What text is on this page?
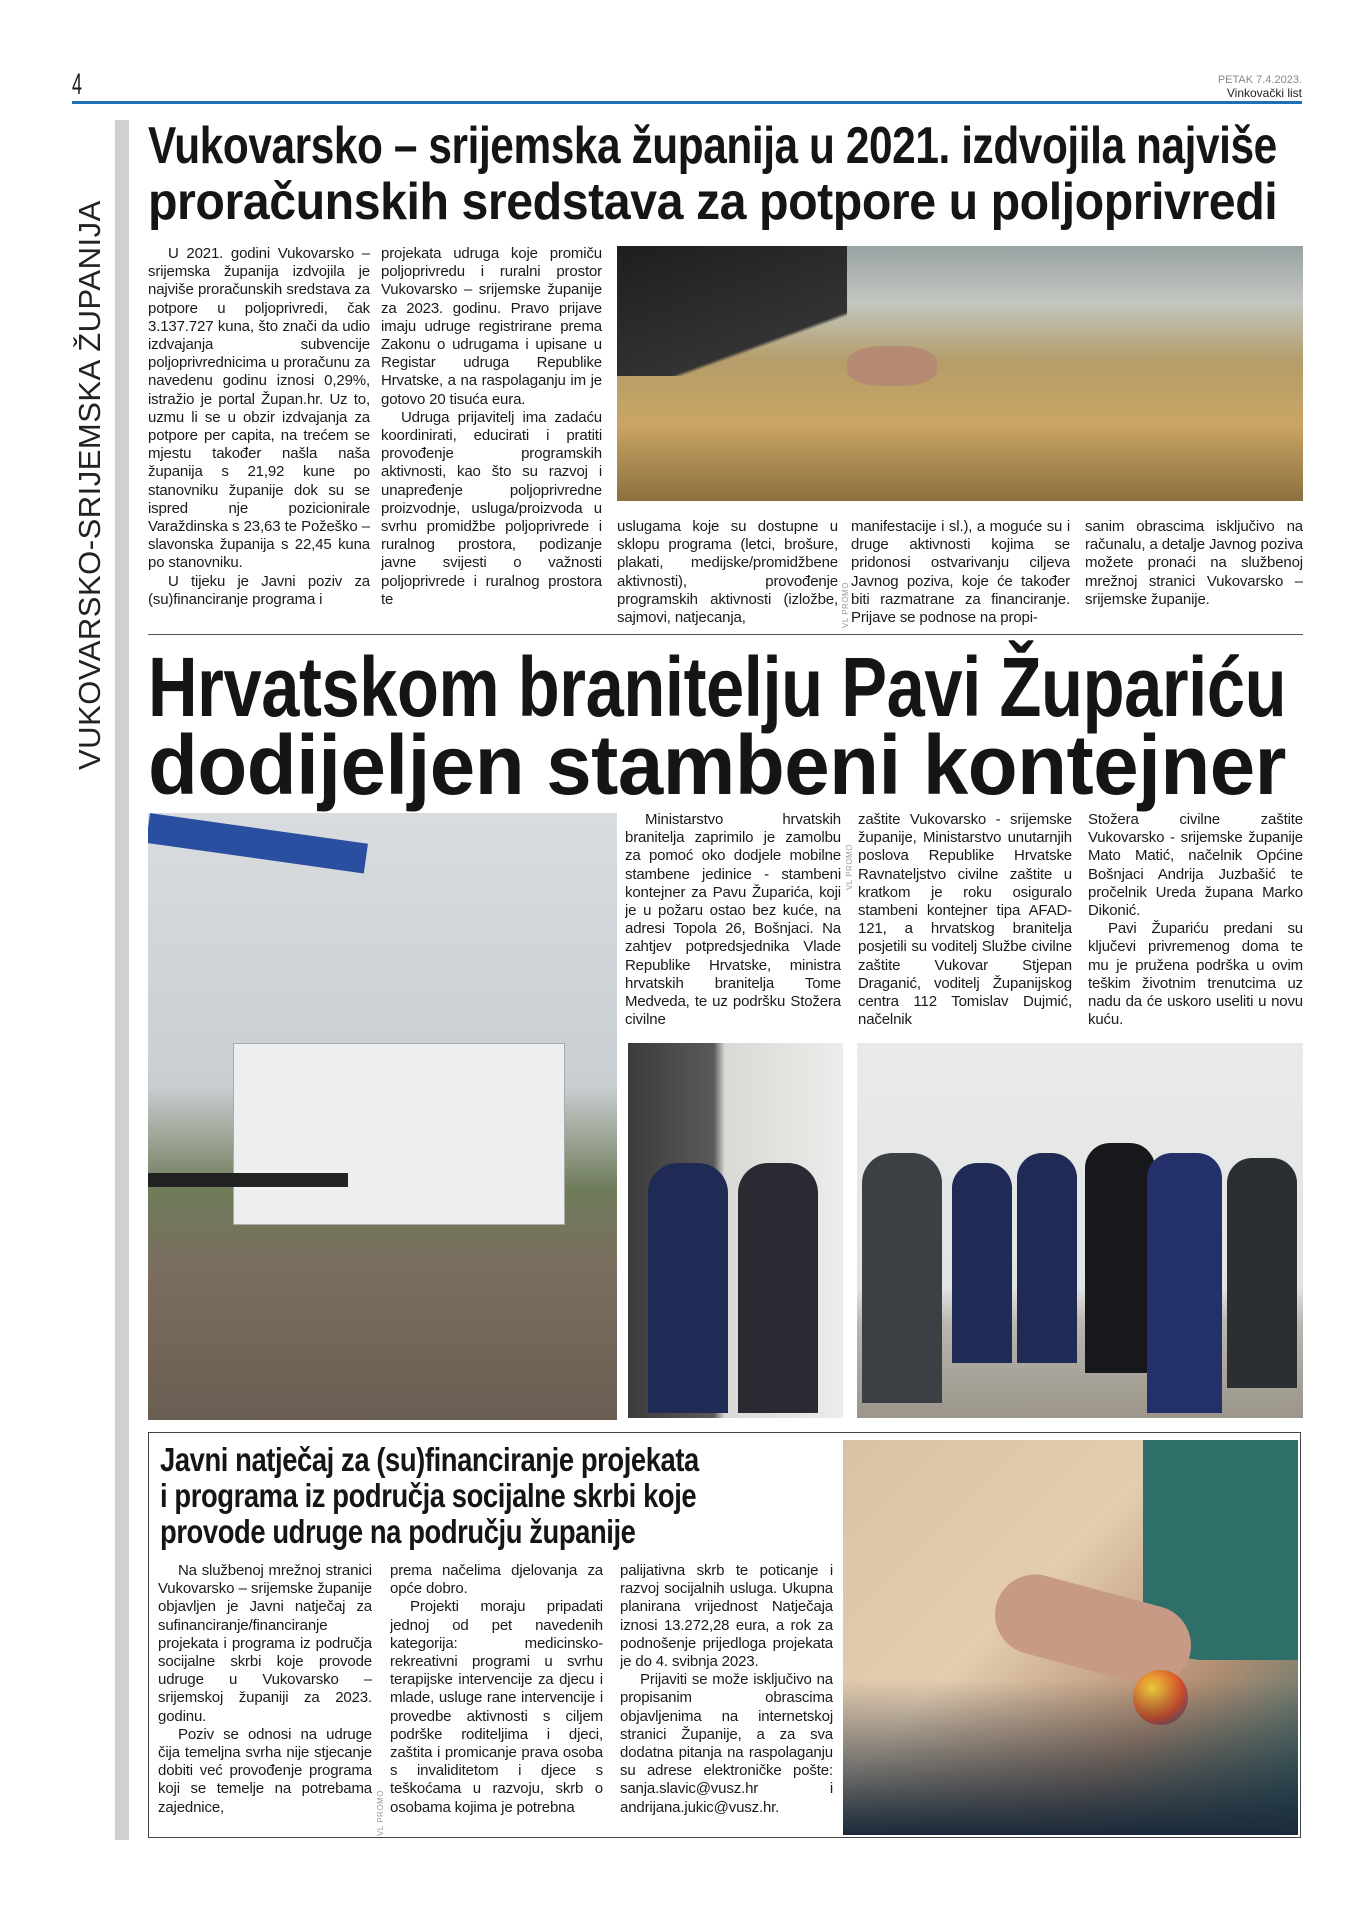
4	PETAK 7.4.2023.
Vinkovački list
VUKOVARSKO-SRIJEMSKA ŽUPANIJA
Vukovarsko – srijemska županija u 2021. izdvojila najviše
proračunskih sredstava za potpore u poljoprivredi

U 2021. godini Vukovarsko – srijemska županija izdvojila je najviše proračunskih sredstava za potpore u poljoprivredi, čak 3.137.727 kuna, što znači da udio izdvajanja subvencije poljoprivrednicima u proračunu za navedenu godinu iznosi 0,29%, istražio je portal Župan.hr. Uz to, uzmu li se u obzir izdvajanja za potpore per capita, na trećem se mjestu također našla naša županija s 21,92 kune po stanovniku županije dok su se ispred nje pozicionirale Varaždinska s 23,63 te Požeško – slavonska županija s 22,45 kuna po stanovniku.

U tijeku je Javni poziv za (su)financiranje programa i

projekata udruga koje promiču poljoprivredu i ruralni prostor Vukovarsko – srijemske županije za 2023. godinu. Pravo prijave imaju udruge registrirane prema Zakonu o udrugama i upisane u Registar udruga Republike Hrvatske, a na raspolaganju im je gotovo 20 tisuća eura.

Udruga prijavitelj ima zadaću koordinirati, educirati i pratiti provođenje programskih aktivnosti, kao što su razvoj i unapređenje poljoprivredne proizvodnje, usluga/proizvoda u svrhu promidžbe poljoprivrede i ruralnog prostora, podizanje javne svijesti o važnosti poljoprivrede i ruralnog prostora te

uslugama koje su dostupne u sklopu programa (letci, brošure, plakati, medijske/promidžbene aktivnosti), provođenje programskih aktivnosti (izložbe, sajmovi, natjecanja,	VL PROMO

manifestacije i sl.), a moguće su i druge aktivnosti kojima se pridonosi ostvarivanju ciljeva Javnog poziva, koje će također biti razmatrane za financiranje. Prijave se podnose na propi-

sanim obrascima isključivo na računalu, a detalje Javnog poziva možete pronaći na službenoj mrežnoj stranici Vukovarsko – srijemske županije.

Hrvatskom branitelju Pavi Župariću
dodijeljen stambeni kontejner

Ministarstvo hrvatskih branitelja zaprimilo je zamolbu za pomoć oko dodjele mobilne stambene jedinice - stambeni kontejner za Pavu Župarića, koji je u požaru ostao bez kuće, na adresi Topola 26, Bošnjaci. Na zahtjev potpredsjednika Vlade Republike Hrvatske, ministra hrvatskih branitelja Tome Medveda, te uz podršku Stožera civilne

VL PROMO

zaštite Vukovarsko - srijemske županije, Ministarstvo unutarnjih poslova Republike Hrvatske Ravnateljstvo civilne zaštite u kratkom je roku osiguralo stambeni kontejner tipa AFAD-121, a hrvatskog branitelja posjetili su voditelj Službe civilne zaštite Vukovar Stjepan Draganić, voditelj Županijskog centra 112 Tomislav Dujmić, načelnik

Stožera civilne zaštite Vukovarsko - srijemske županije Mato Matić, načelnik Općine Bošnjaci Andrija Juzbašić te pročelnik Ureda župana Marko Dikonić.

Pavi Župariću predani su ključevi privremenog doma te mu je pružena podrška u ovim teškim životnim trenutcima uz nadu da će uskoro useliti u novu kuću.

Javni natječaj za (su)financiranje projekata
i programa iz područja socijalne skrbi koje
provode udruge na području županije

Na službenoj mrežnoj stranici Vukovarsko – srijemske županije objavljen je Javni natječaj za sufinanciranje/financiranje projekata i programa iz područja socijalne skrbi koje provode udruge u Vukovarsko – srijemskoj županiji za 2023. godinu.

Poziv se odnosi na udruge čija temeljna svrha nije stjecanje dobiti već provođenje programa koji se temelje na potrebama zajednice,	VL PROMO

prema načelima djelovanja za opće dobro.

Projekti moraju pripadati jednoj od pet navedenih kategorija: medicinsko-rekreativni programi u svrhu terapijske intervencije za djecu i mlade, usluge rane intervencije i provedbe aktivnosti s ciljem podrške roditeljima i djeci, zaštita i promicanje prava osoba s invaliditetom i djece s teškoćama u razvoju, skrb o osobama kojima je potrebna

palijativna skrb te poticanje i razvoj socijalnih usluga. Ukupna planirana vrijednost Natječaja iznosi 13.272,28 eura, a rok za podnošenje prijedloga projekata je do 4. svibnja 2023.

Prijaviti se može isključivo na propisanim obrascima objavljenima na internetskoj stranici Županije, a za sva dodatna pitanja na raspolaganju su adrese elektroničke pošte: sanja.slavic@vusz.hr i andrijana.jukic@vusz.hr.
